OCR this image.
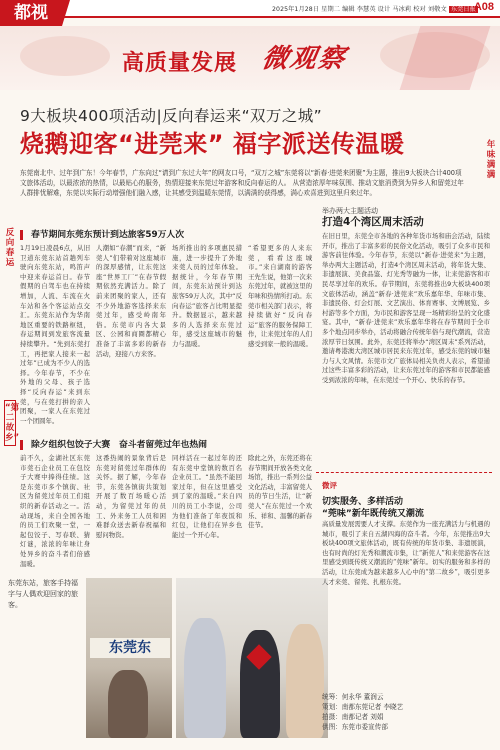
都视	2025年1月28日 星期二 编辑 李慧英 设计 马冰莉 校对 刘敬文 东莞日报
A08
高质量发展 微观察
9大板块400项活动|反向春运来“双万之城”
烧鹅迎客“进莞来” 福字派送传温暖	年味满满
东莞南北中、过年到广东！今年春节，广东向过“请到广东过大年”的网友口号，“双万之城”东莞将以“新春·进莞来团聚”为主题，推出9大板块合计400项文旅体活动，以最浓浓的热情，以最贴心的服务，热情迎接来东莞过年游客和反向春运的人。 从营造浓厚年味氛围、推动文旅消费到为异乡人和留莞过年人群排忧解难，东莞以实际行动增强他们融入感，让其感受到温暖东莞情，以满满的获得感，满心欢喜进到这里归来过年。
反向春运
“第二故乡”
春节期间东莞东预计到达旅客59万人次
1月19日凌晨6点，从旧卫道东莞东站首趟列车驶向东莞东站，鸣笛声中迎来春运首日。春节假期的自驾车也在持续增加，人流、车流在火车站和各个客运站点交汇。东莞东站作为华南地区重要的铁路枢纽，春运期间到发旅客流量持续攀升。“先到东莞打工，再把家人接来一起过年”已成为不少人的选择。今年春节，不少在外地的父母、孩子选择“反向春运”来到东莞，与在莞打拼的亲人团聚，一家人在东莞过一个团圆年。
人潮如“春潮”而来，“新莞人”们带着对这座城市的深厚感情，让东莞这座“世界工厂”在春节假期依然充满活力。除了前来团聚的家人，还有不少外地游客选择来东莞过年，感受岭南年俗。东莞市内各大景区、公园和商圈都精心准备了丰富多彩的新春活动，迎接八方来客。
场所推出的多项惠民措施，进一步提升了外地来莞人员的过年体验。据统计，今年春节期间，东莞东站预计到达旅客59万人次，其中“反向春运”旅客占比明显提升。数据显示，越来越多的人选择来东莞过年，感受这座城市的魅力与温暖。
“希望更多的人来东莞，看看这座城市。”来自湖南的游客王先生说，他第一次来东莞过年，就被这里的年味和热情所打动。东莞市相关部门表示，将持续做好“反向春运”旅客的服务保障工作，让来莞过年的人们感受到家一般的温暖。
除夕组织包饺子大赛　奋斗者留莞过年也热闹
前不久，金湖社区东莞市莞石企业员工在包饺子大赛中捧得佳绩。这是东莞市多个镇街、社区为留莞过年员工们组织的新春活动之一。活动现场，来自全国各地的员工们欢聚一堂，一起包饺子、写春联、猜灯谜，浓浓的年味让身处异乡的奋斗者们倍感温暖。
这番热闹的景象背后是东莞对留莞过年群体的关怀。据了解，今年春节，东莞各镇街共策划开展了数百场暖心活动，为留莞过年的员工、外来务工人员和困难群众送去新春祝福和慰问物资。
同样活在一起过年的还有东莞中堂镇的数百名企业员工。“虽然不能回家过年，但在这里感受到了家的温暖。”来自四川的员工小李说，公司为他们准备了年夜饭和红包，让他们在异乡也能过一个开心年。
除此之外，东莞还将在春节期间开放各类文化场馆，推出一系列公益文化活动，丰富留莞人员的节日生活，让“新莞人”在东莞过一个欢乐、祥和、温馨的新春佳节。
东莞东站，旅客手持福字与人偶欢迎回家的旅客。
东莞东
举办两大主题活动
打造4个湾区周末活动
在旧日里，东莞全市各地的各种年货市场和庙会活动，陆续开市，推出了丰富多彩的民俗文化活动，吸引了众多市民和游客前往体验。今年春节，东莞以“新春·进莞来”为主题，举办两大主题活动，打造4个湾区周末活动，将年货大集、非遗展演、美食品鉴、灯光秀等融为一体，让来莞游客和市民尽享过年的欢乐。春节期间，东莞将推出9大板块400项文旅体活动，涵盖“新春·进莞来”欢乐嘉年华、年味市集、非遗民俗、灯会灯展、文艺演出、体育赛事、文博展览、乡村游等多个方面，为市民和游客呈现一场精彩纷呈的文化盛宴。其中，“新春·进莞来”欢乐嘉年华将在春节期间于全市多个地点同步举办，活动将融合传统年俗与现代潮流，营造浓厚节日氛围。此外，东莞还将举办“湾区周末”系列活动，邀请粤港澳大湾区城市居民来东莞过年，感受东莞的城市魅力与人文风情。东莞市文广旅体局相关负责人表示，希望通过这些丰富多彩的活动，让来东莞过年的游客和市民都能感受到浓浓的年味，在东莞过一个开心、快乐的春节。
微评
切实服务、多样活动
“莞味”新年既传统又潮流
高质量发展需要人才支撑。东莞作为一座充满活力与机遇的城市，吸引了来自五湖四海的奋斗者。今年，东莞推出9大板块400项文旅体活动，既有传统的年货市集、非遗展演，也有时尚的灯光秀和潮流市集，让“新莞人”和来莞游客在这里感受到既传统又潮流的“莞味”新年。切实的服务和多样的活动，让东莞成为越来越多人心中的“第二故乡”，吸引更多人才来莞、留莞、扎根东莞。
统筹：何永华 董润云
策划：南都东莞记者 李晓艺
拍摄：南都记者 刘娟
供图：东莞市委宣传部
